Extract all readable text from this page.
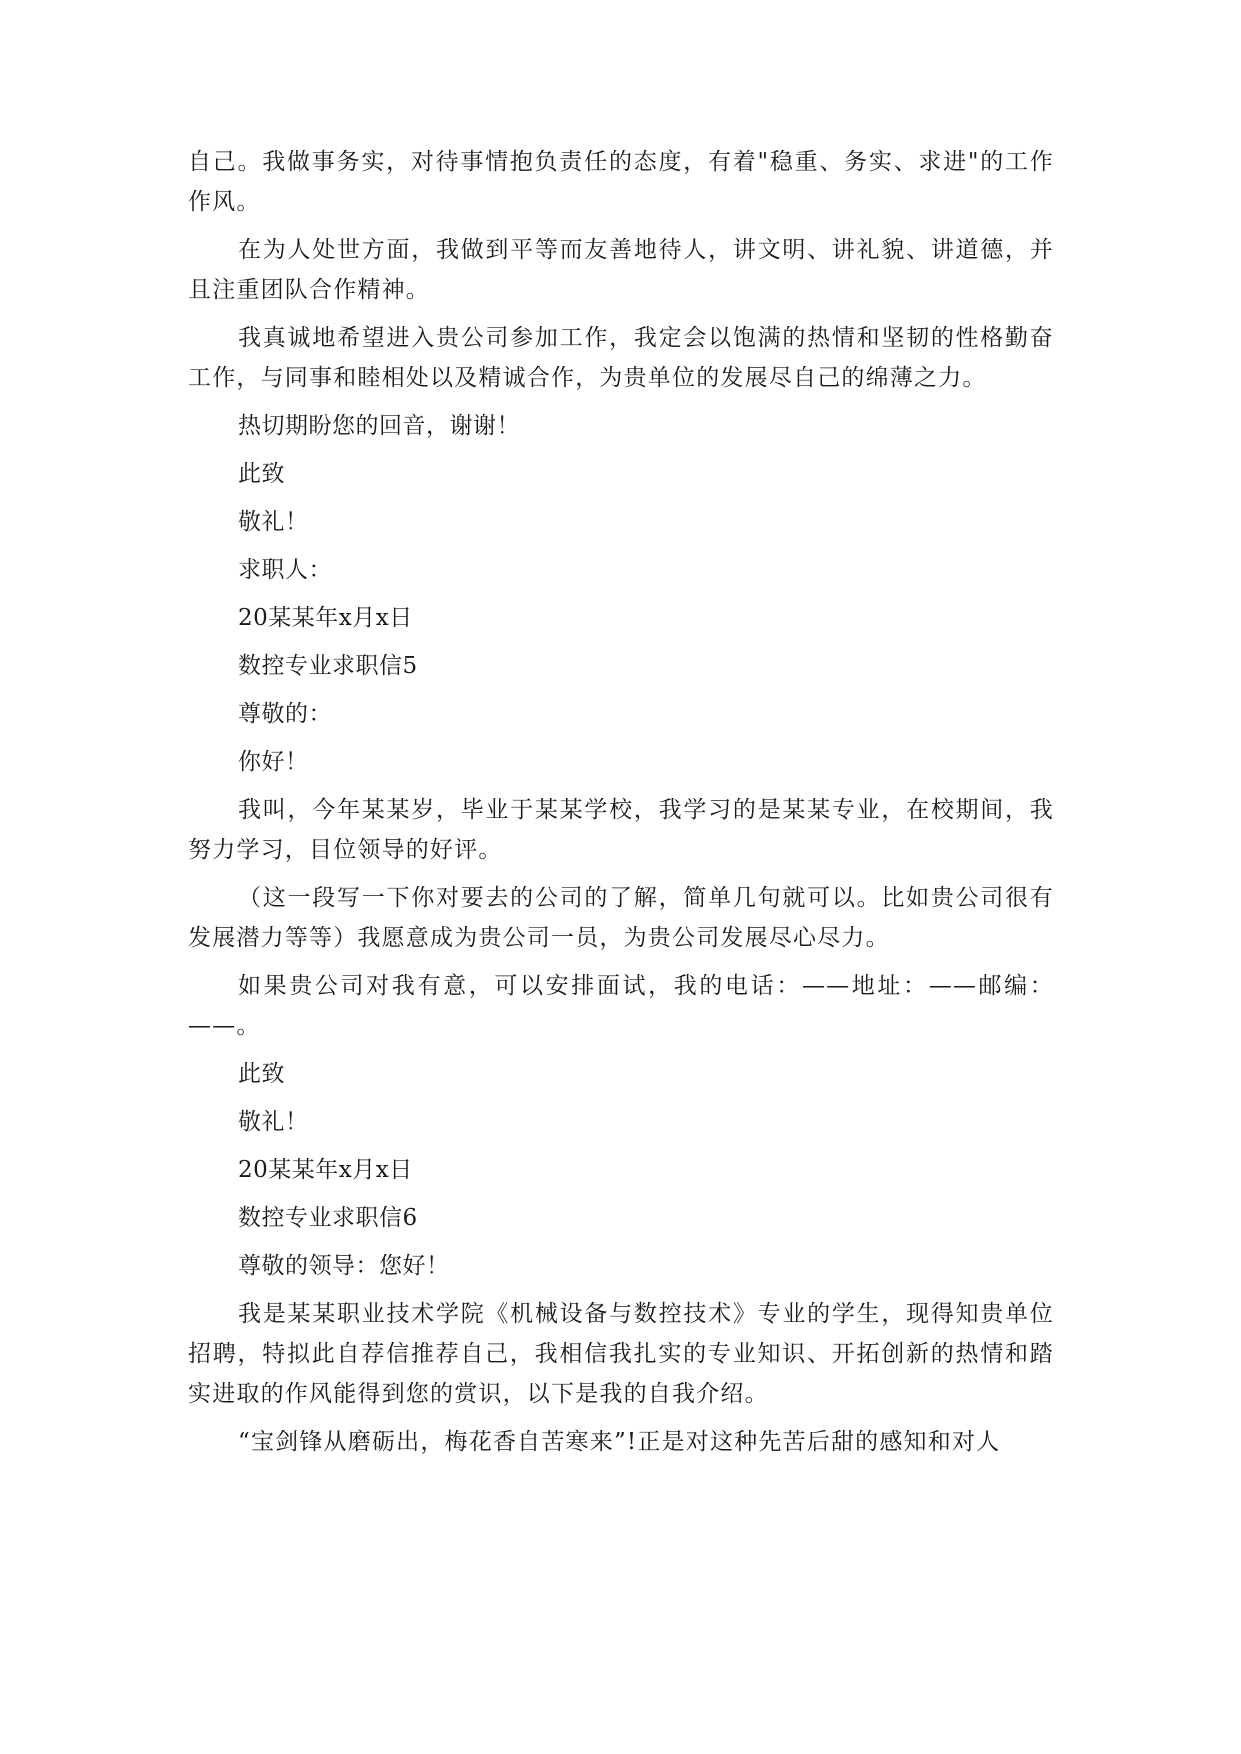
自己。我做事务实，对待事情抱负责任的态度，有着"稳重、务实、求进"的工作作风。

在为人处世方面，我做到平等而友善地待人，讲文明、讲礼貌、讲道德，并且注重团队合作精神。

我真诚地希望进入贵公司参加工作，我定会以饱满的热情和坚韧的性格勤奋工作，与同事和睦相处以及精诚合作，为贵单位的发展尽自己的绵薄之力。

热切期盼您的回音，谢谢！

此致

敬礼！

求职人：

20某某年x月x日

数控专业求职信5

尊敬的：

你好！

我叫，今年某某岁，毕业于某某学校，我学习的是某某专业，在校期间，我努力学习，目位领导的好评。

（这一段写一下你对要去的公司的了解，简单几句就可以。比如贵公司很有发展潜力等等）我愿意成为贵公司一员，为贵公司发展尽心尽力。

如果贵公司对我有意，可以安排面试，我的电话：——地址：——邮编：——。

此致

敬礼！

20某某年x月x日

数控专业求职信6

尊敬的领导：您好！

我是某某职业技术学院《机械设备与数控技术》专业的学生，现得知贵单位招聘，特拟此自荐信推荐自己，我相信我扎实的专业知识、开拓创新的热情和踏实进取的作风能得到您的赏识，以下是我的自我介绍。

“宝剑锋从磨砺出，梅花香自苦寒来”!正是对这种先苦后甜的感知和对人
